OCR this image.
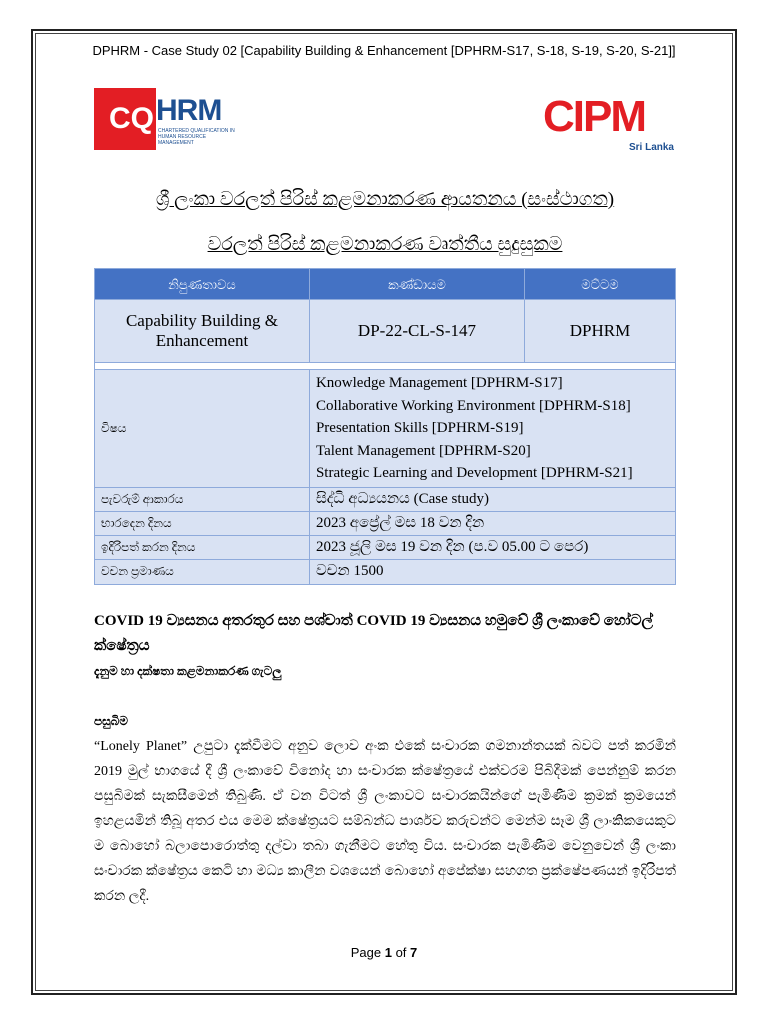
DPHRM - Case Study 02 [Capability Building & Enhancement [DPHRM-S17, S-18, S-19, S-20, S-21]]
CQ HRM
CHARTERED QUALIFICATION IN HUMAN RESOURCE MANAGEMENT
CIPM
Sri Lanka
ශ්‍රී ලංකා වරලත් පිරිස් කළමනාකරණ ආයතනය (සංස්ථාගත)
වරලත් පිරිස් කළමනාකරණ වෘත්තීය සුදුසුකම
නිපුණතාවය	කණ්ඩායම	මට්ටම
Capability Building & Enhancement	DP-22-CL-S-147	DPHRM

විෂය	Knowledge Management [DPHRM-S17]
Collaborative Working Environment [DPHRM-S18]
Presentation Skills [DPHRM-S19]
Talent Management [DPHRM-S20]
Strategic Learning and Development [DPHRM-S21]	

පැවරුම් ආකාරය	සිද්ධි අධ්‍යයනය (Case study)	
භාරදෙන දිනය	2023 අප්‍රේල් මස 18 වන දින	
ඉදිරිපත් කරන දිනය	2023 ජූලි මස 19 වන දින (ප.ව 05.00 ට පෙර)	
වචන ප්‍රමාණය	වචන 1500	
COVID 19 ව්‍යසනය අතරතුර සහ පශ්චාත් COVID 19 ව්‍යසනය හමුවේ ශ්‍රී ලංකාවේ හෝටල් ක්ෂේත්‍රය
දැනුම හා දක්ෂතා කළමනාකරණ ගැටලු
පසුබිම
“Lonely Planet” උපුටා දැක්වීමට අනුව ලොව අංක එකේ සංචාරක ගමනාන්තයක් බවට පත් කරමින් 2019 මුල් භාගයේ දී ශ්‍රී ලංකාවේ විනෝද හා සංචාරක ක්ෂේත්‍රයේ එක්වරම පිබිදීමක් පෙන්නුම් කරන පසුබිමක් සැකසීමෙන් තිබුණි. ඒ වන විටත් ශ්‍රී ලංකාවට සංචාරකයින්ගේ පැමිණීම ක්‍රමක් ක්‍රමයෙන් ඉහළයමින් තිබූ අතර එය මෙම ක්ෂේත්‍රයට සම්බන්ධ පාර්ශව කරුවන්ට මෙන්ම සෑම ශ්‍රී ලාංකිකයෙකුට ම බොහෝ බලාපොරොත්තු දල්වා තබා ගැනීමට හේතු විය. සංචාරක පැමිණීම වෙනුවෙන් ශ්‍රී ලංකා සංචාරක ක්ෂේත්‍රය කෙටි හා මධ්‍ය කාලීන වශයෙන් බොහෝ අපේක්ෂා සහගත ප්‍රක්ෂේපණයන් ඉදිරිපත් කරන ලදී.
Page 1 of 7
